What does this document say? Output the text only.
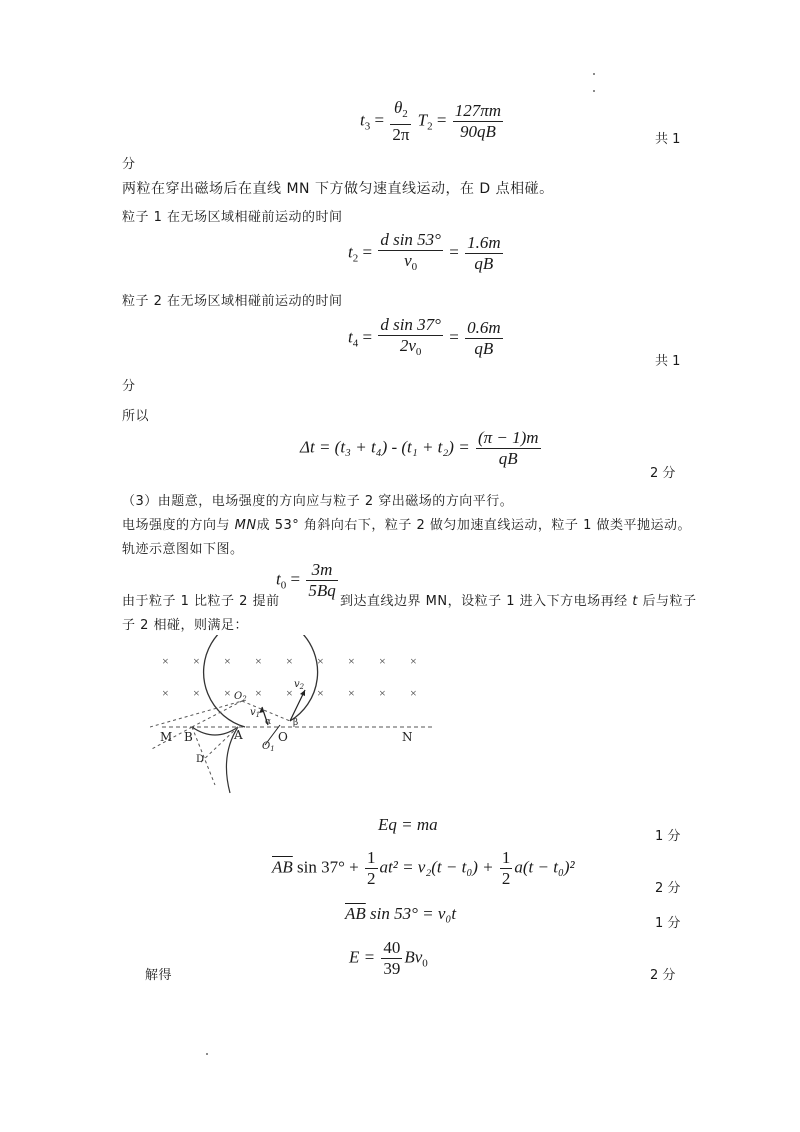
$t_3 = \frac{\theta_2}{2\pi} T_2 = \frac{127\pi m}{90qB}$	共 1
分
两粒在穿出磁场后在直线 MN 下方做匀速直线运动，在 D 点相碰。
粒子 1 在无场区域相碰前运动的时间
$t_2 = \frac{\text{d sin 53°}}{v_0} = \frac{1.6m}{qB}$
粒子 2 在无场区域相碰前运动的时间
$t_4 = \frac{\text{d sin 37°}}{2v_0} = \frac{0.6m}{qB}$
共 1
分
所以
$\Delta t = (t_3 + t_4) - (t_1 + t_2) = \frac{(\pi - 1)m}{qB}$
2 分
（3）由题意，电场强度的方向应与粒子 2 穿出磁场的方向平行。
电场强度的方向与 MN成 53° 角斜向右下，粒子 2 做匀加速直线运动，粒子 1 做类平抛运动。
轨迹示意图如下图。
$t_0 = \frac{3m}{5Bq}$
由于粒子 1 比粒子 2 提前	到达直线边界 MN，设粒子 1 进入下方电场再经 t 后与粒子
子 2 相碰，则满足：
× × × × × × × × ×
× × × × × × × × ×
M B	A	O	N
D
$O_1$
$O_2$
$v_1$
$v_2$
α β
Eq = ma
1 分
$\overline{AB}$ $\sin 37^\circ + \frac{1}{2} at^2 = v_2(t - t_0) + \frac{1}{2} a(t - t_0)^2$
2 分
$\overline{AB}$ sin 53° = v₀t
1 分
解得
$E = \frac{40}{39} Bv_0$
2 分
